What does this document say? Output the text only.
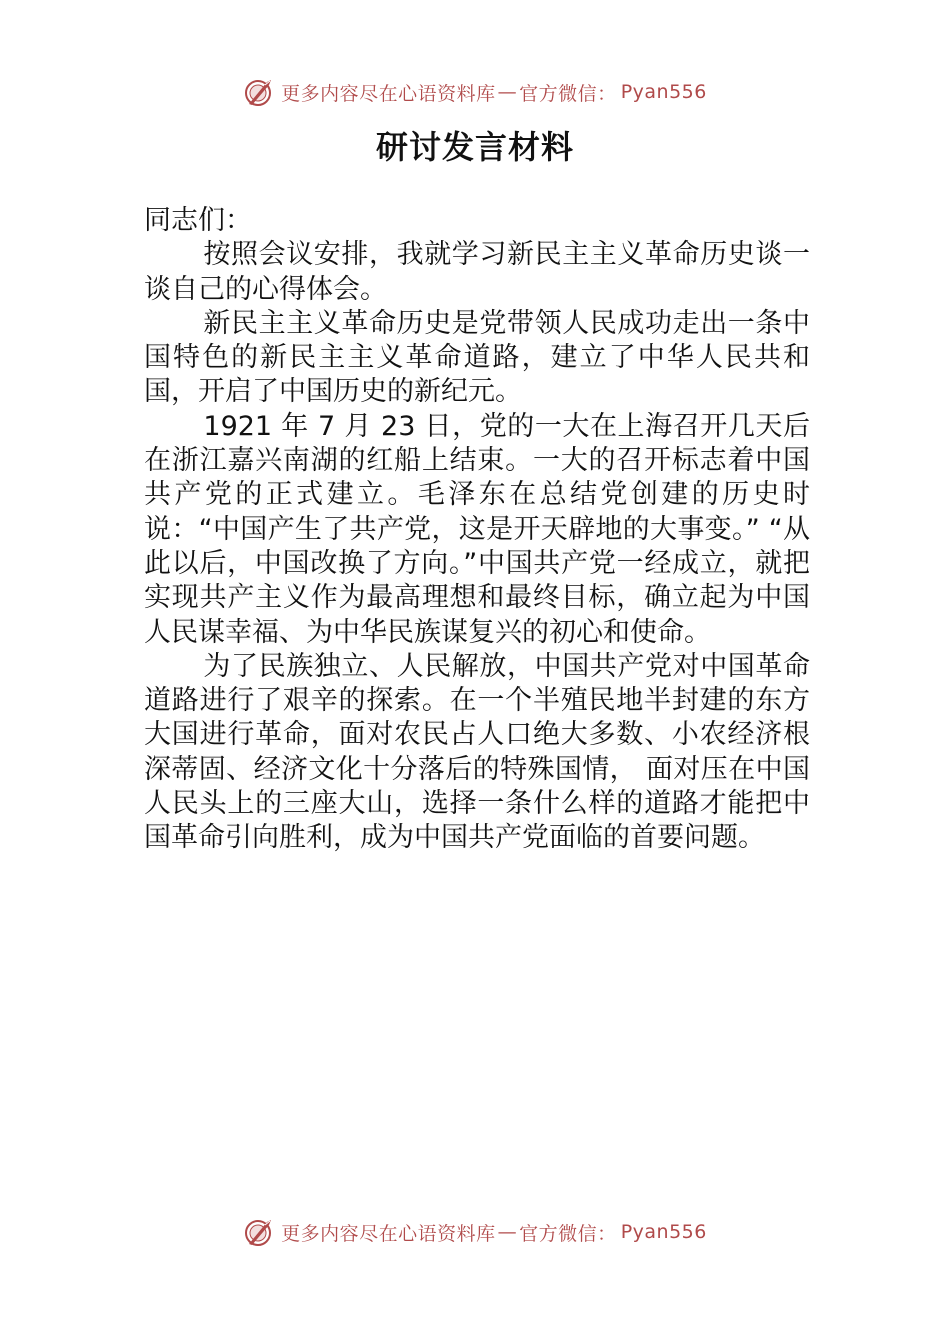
更多内容尽在心语资料库 — 官方微信： Pyan556
研讨发言材料

同志们：

按照会议安排，我就学习新民主主义革命历史谈一谈自己的心得体会。

新民主主义革命历史是党带领人民成功走出一条中国特色的新民主主义革命道路，建立了中华人民共和国，开启了中国历史的新纪元。

1921 年 7 月 23 日，党的一大在上海召开几天后在浙江嘉兴南湖的红船上结束。一大的召开标志着中国共产党的正式建立。毛泽东在总结党创建的历史时说：“中国产生了共产党，这是开天辟地的大事变。” “从此以后，中国改换了方向。”中国共产党一经成立，就把实现共产主义作为最高理想和最终目标，确立起为中国人民谋幸福、为中华民族谋复兴的初心和使命。

为了民族独立、人民解放，中国共产党对中国革命道路进行了艰辛的探索。在一个半殖民地半封建的东方大国进行革命，面对农民占人口绝大多数、小农经济根深蒂固、经济文化十分落后的特殊国情， 面对压在中国人民头上的三座大山，选择一条什么样的道路才能把中国革命引向胜利，成为中国共产党面临的首要问题。

更多内容尽在心语资料库 — 官方微信： Pyan556
